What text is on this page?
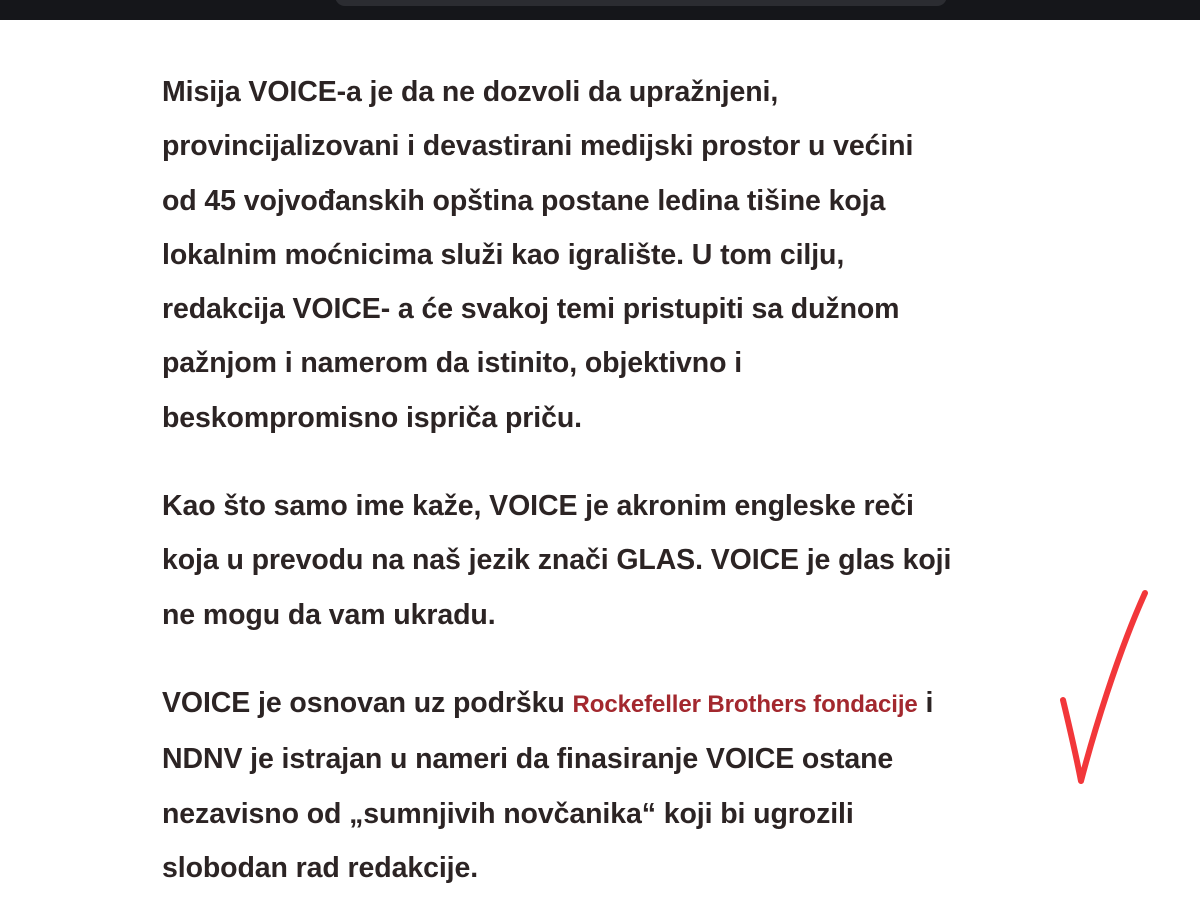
Misija VOICE-a je da ne dozvoli da upražnjeni,
provincijalizovani i devastirani medijski prostor u većini
od 45 vojvođanskih opština postane ledina tišine koja
lokalnim moćnicima služi kao igralište. U tom cilju,
redakcija VOICE- a će svakoj temi pristupiti sa dužnom
pažnjom i namerom da istinito, objektivno i
beskompromisno ispriča priču.

Kao što samo ime kaže, VOICE je akronim engleske reči
koja u prevodu na naš jezik znači GLAS. VOICE je glas koji
ne mogu da vam ukradu.

VOICE je osnovan uz podršku Rockefeller Brothers fondacije i
NDNV je istrajan u nameri da finasiranje VOICE ostane
nezavisno od „sumnjivih novčanika“ koji bi ugrozili
slobodan rad redakcije.
